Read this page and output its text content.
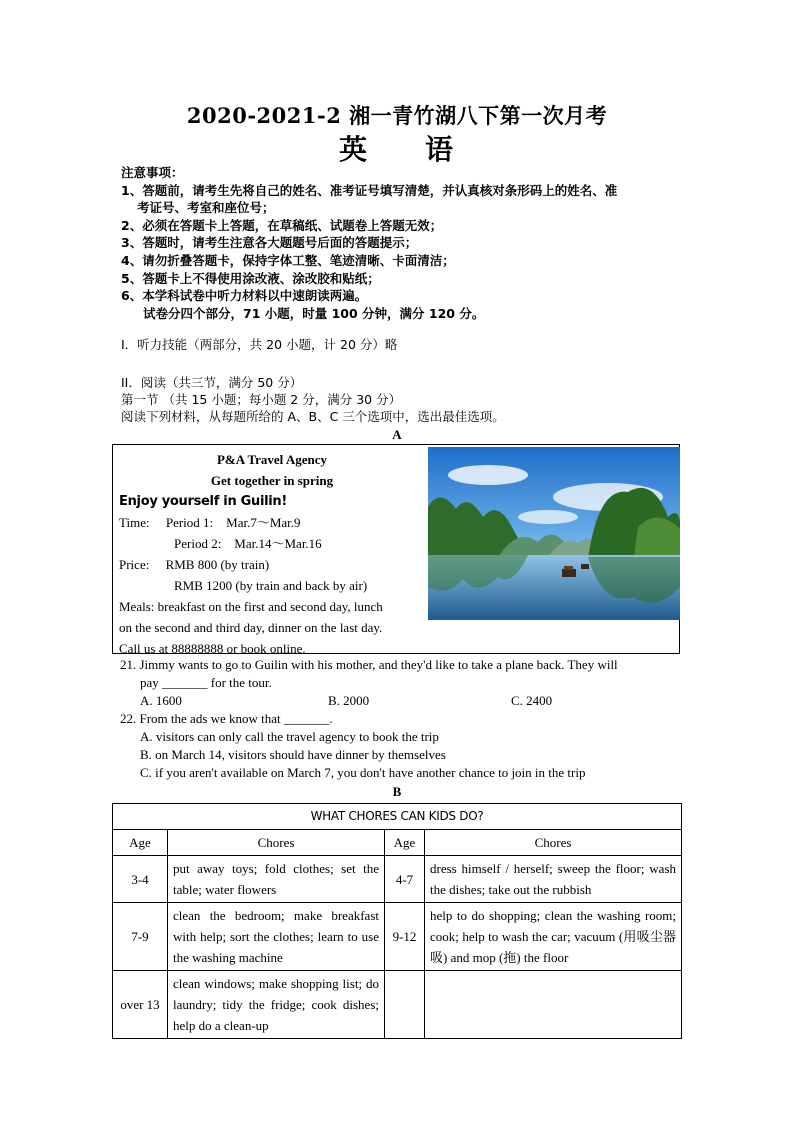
2020-2021-2 湘一青竹湖八下第一次月考
英 语
注意事项：
1、答题前，请考生先将自己的姓名、准考证号填写清楚，并认真核对条形码上的姓名、准
考证号、考室和座位号；
2、必须在答题卡上答题，在草稿纸、试题卷上答题无效；
3、答题时，请考生注意各大题题号后面的答题提示；
4、请勿折叠答题卡，保持字体工整、笔迹清晰、卡面清洁；
5、答题卡上不得使用涂改液、涂改胶和贴纸；
6、本学科试卷中听力材料以中速朗读两遍。
试卷分四个部分，71 小题，时量 100 分钟，满分 120 分。
I．听力技能（两部分，共 20 小题，计 20 分）略
II．阅读（共三节，满分 50 分）
第一节 （共 15 小题；每小题 2 分，满分 30 分）
阅读下列材料，从每题所给的 A、B、C 三个选项中，选出最佳选项。
A
P&A Travel Agency
Get together in spring
Enjoy yourself in Guilin!
Time:     Period 1:    Mar.7～Mar.9
Period 2:    Mar.14～Mar.16
Price:     RMB 800 (by train)
RMB 1200 (by train and back by air)
Meals: breakfast on the first and second day, lunch
on the second and third day, dinner on the last day.
Call us at 88888888 or book online.
21. Jimmy wants to go to Guilin with his mother, and they'd like to take a plane back. They will
pay _______ for the tour.
A. 1600	B. 2000	C. 2400
22. From the ads we know that _______.
A. visitors can only call the travel agency to book the trip
B. on March 14, visitors should have dinner by themselves
C. if you aren't available on March 7, you don't have another chance to join in the trip
B
WHAT CHORES CAN KIDS DO?			
Age	Chores	Age	Chores
3-4	put away toys; fold clothes; set the table; water flowers	4-7	dress himself / herself; sweep the floor; wash the dishes; take out the rubbish
7-9	clean the bedroom; make breakfast with help; sort the clothes; learn to use the washing machine	9-12	help to do shopping; clean the washing room; cook; help to wash the car; vacuum (用吸尘器吸) and mop (拖) the floor
over 13	clean windows; make shopping list; do laundry; tidy the fridge; cook dishes; help do a clean-up		
